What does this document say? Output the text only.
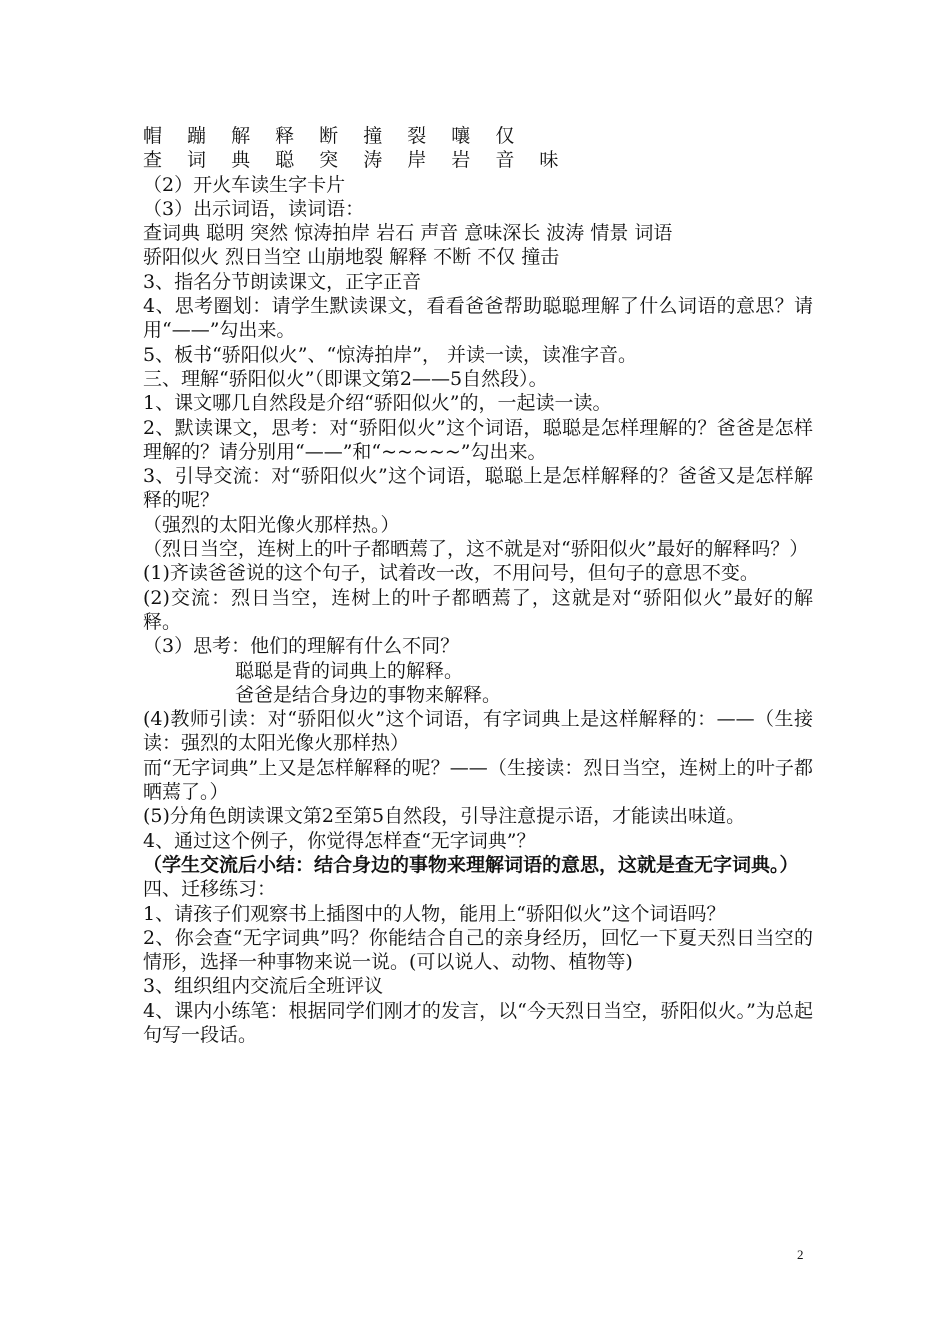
帽 蹦 解 释 断 撞 裂 嚷 仅
查 词 典 聪 突 涛 岸 岩 音 味
（2）开火车读生字卡片
（3）出示词语，读词语：
查词典 聪明 突然 惊涛拍岸 岩石 声音 意味深长 波涛 情景 词语
骄阳似火 烈日当空 山崩地裂 解释 不断 不仅 撞击
3、指名分节朗读课文，正字正音
4、思考圈划：请学生默读课文，看看爸爸帮助聪聪理解了什么词语的意思？请用“——”勾出来。
5、板书“骄阳似火”、“惊涛拍岸”， 并读一读，读准字音。
三、理解“骄阳似火”（即课文第2——5自然段）。
1、课文哪几自然段是介绍“骄阳似火”的，一起读一读。
2、默读课文，思考：对“骄阳似火”这个词语，聪聪是怎样理解的？爸爸是怎样理解的？请分别用“——”和“~~~~~”勾出来。
3、引导交流：对“骄阳似火”这个词语，聪聪上是怎样解释的？爸爸又是怎样解释的呢？
（强烈的太阳光像火那样热。）
（烈日当空，连树上的叶子都晒蔫了，这不就是对“骄阳似火”最好的解释吗？）
(1)齐读爸爸说的这个句子，试着改一改，不用问号，但句子的意思不变。
(2)交流：烈日当空，连树上的叶子都晒蔫了，这就是对“骄阳似火”最好的解释。
（3）思考：他们的理解有什么不同？
聪聪是背的词典上的解释。
爸爸是结合身边的事物来解释。
(4)教师引读：对“骄阳似火”这个词语，有字词典上是这样解释的：——（生接读：强烈的太阳光像火那样热）
而“无字词典”上又是怎样解释的呢？——（生接读：烈日当空，连树上的叶子都晒蔫了。）
(5)分角色朗读课文第2至第5自然段，引导注意提示语，才能读出味道。
4、通过这个例子，你觉得怎样查“无字词典”？
（学生交流后小结：结合身边的事物来理解词语的意思，这就是查无字词典。）
四、迁移练习：
1、请孩子们观察书上插图中的人物，能用上“骄阳似火”这个词语吗？
2、你会查“无字词典”吗？你能结合自己的亲身经历，回忆一下夏天烈日当空的情形，选择一种事物来说一说。(可以说人、动物、植物等)
3、组织组内交流后全班评议
4、课内小练笔：根据同学们刚才的发言，以“今天烈日当空，骄阳似火。”为总起句写一段话。
2
